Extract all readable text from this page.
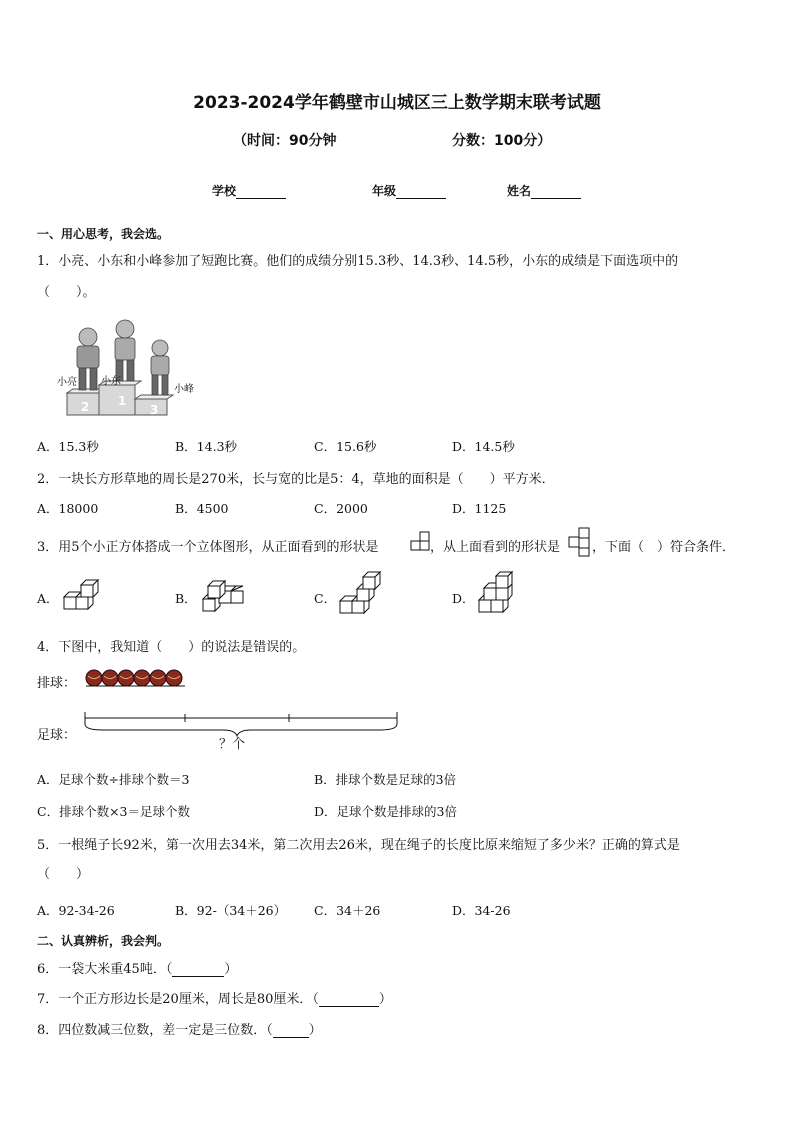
2023-2024学年鹤壁市山城区三上数学期末联考试题
（时间：90分钟	分数：100分）
学校	年级	姓名
一、用心思考，我会选。
1．小亮、小东和小峰参加了短跑比赛。他们的成绩分别15.3秒、14.3秒、14.5秒，小东的成绩是下面选项中的
（　　）。
小亮 小东
小峰
2 1
3
A．15.3秒	B．14.3秒	C．15.6秒	D．14.5秒
2．一块长方形草地的周长是270米，长与宽的比是5：4，草地的面积是（　　）平方米．
A．18000	B．4500	C．2000	D．1125
3．用5个小正方体搭成一个立体图形，从正面看到的形状是	，从上面看到的形状是 ，下面（　）符合条件．
A．	B．	C．	D．
4．下图中，我知道（　　）的说法是错误的。
排球：
足球：
？个
A．足球个数÷排球个数＝3	B．排球个数是足球的3倍
C．排球个数×3＝足球个数	D．足球个数是排球的3倍
5．一根绳子长92米，第一次用去34米，第二次用去26米，现在绳子的长度比原来缩短了多少米？正确的算式是
（　　）
A．92-34-26	B．92-（34＋26） C．34＋26	D．34-26
二、认真辨析，我会判。
6．一袋大米重45吨．（	）
7．一个正方形边长是20厘米，周长是80厘米．（	）
8．四位数减三位数，差一定是三位数．（	）
